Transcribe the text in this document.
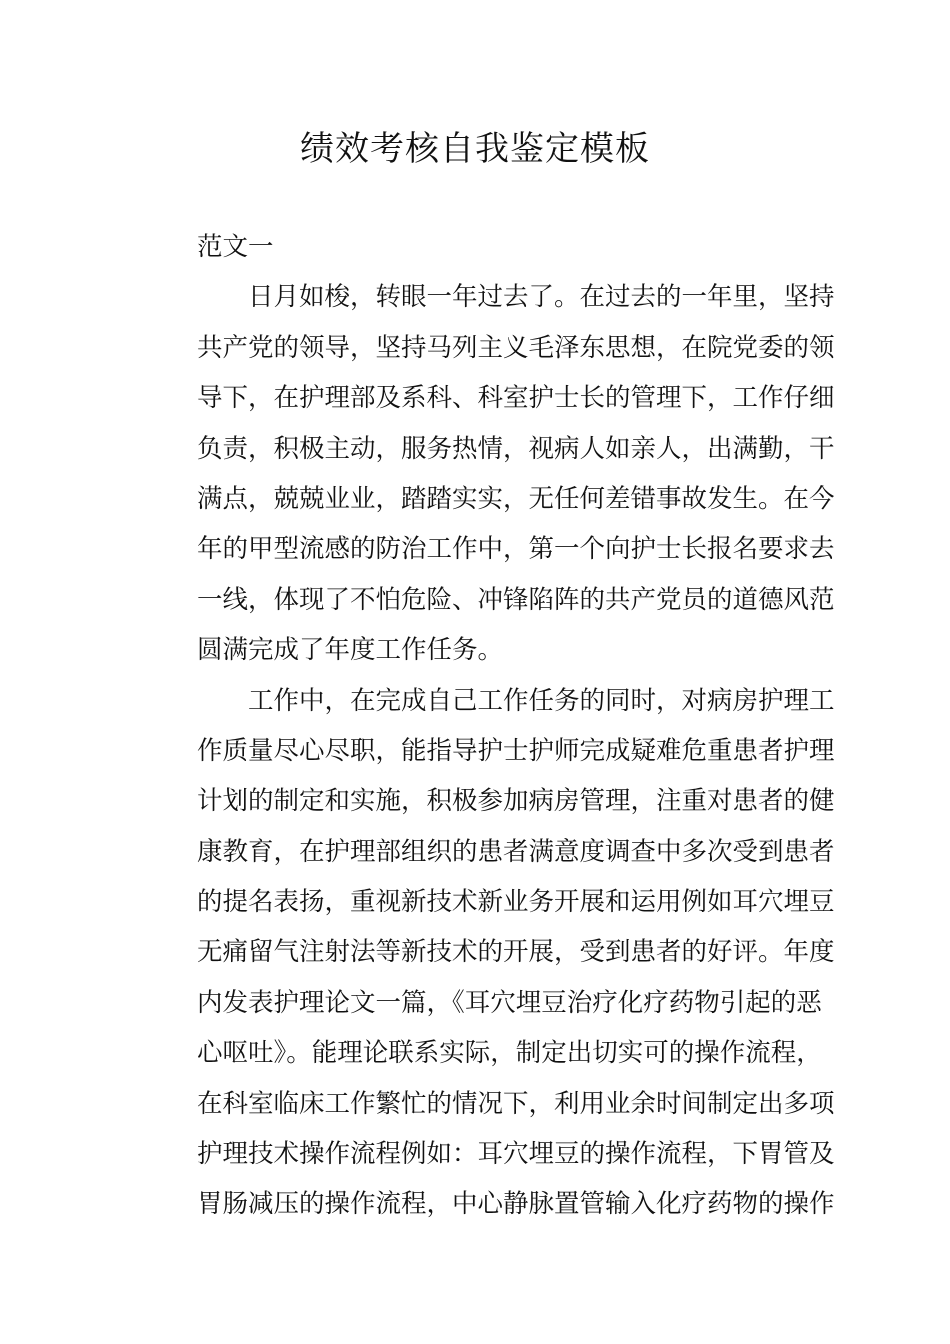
绩效考核自我鉴定模板
范文一
日月如梭，转眼一年过去了。在过去的一年里，坚持
共产党的领导，坚持马列主义毛泽东思想，在院党委的领
导下，在护理部及系科、科室护士长的管理下，工作仔细
负责，积极主动，服务热情，视病人如亲人，出满勤，干
满点，兢兢业业，踏踏实实，无任何差错事故发生。在今
年的甲型流感的防治工作中，第一个向护士长报名要求去
一线，体现了不怕危险、冲锋陷阵的共产党员的道德风范
圆满完成了年度工作任务。
工作中，在完成自己工作任务的同时，对病房护理工
作质量尽心尽职，能指导护士护师完成疑难危重患者护理
计划的制定和实施，积极参加病房管理，注重对患者的健
康教育，在护理部组织的患者满意度调查中多次受到患者
的提名表扬，重视新技术新业务开展和运用例如耳穴埋豆
无痛留气注射法等新技术的开展，受到患者的好评。年度
内发表护理论文一篇，《耳穴埋豆治疗化疗药物引起的恶
心呕吐》。能理论联系实际，制定出切实可的操作流程，
在科室临床工作繁忙的情况下，利用业余时间制定出多项
护理技术操作流程例如：耳穴埋豆的操作流程，下胃管及
胃肠减压的操作流程，中心静脉置管输入化疗药物的操作
